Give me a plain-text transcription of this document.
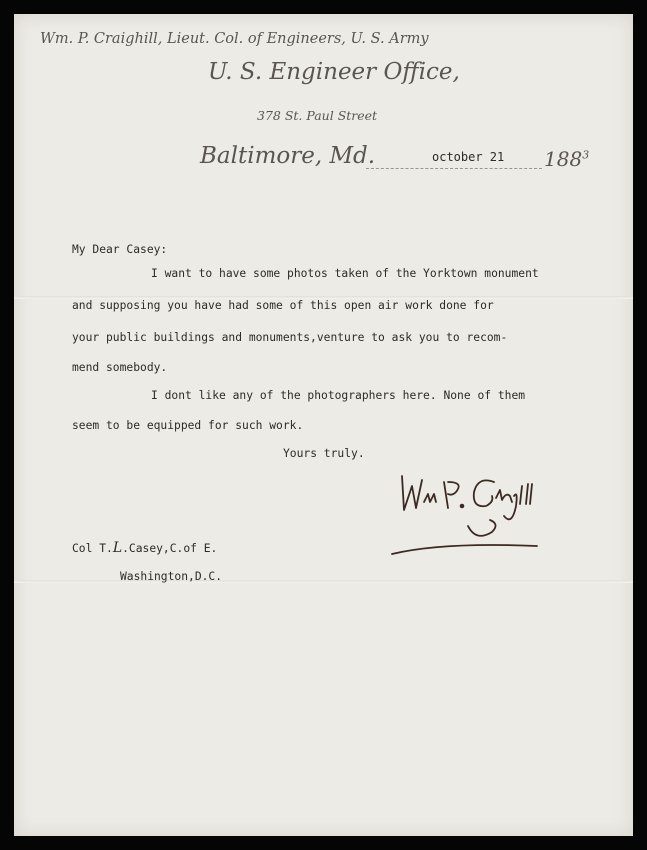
Wm. P. Craighill, Lieut. Col. of Engineers, U. S. Army
U. S. Engineer Office,
378 St. Paul Street
Baltimore, Md.	october 21 $188^3$
My Dear Casey:
I want to have some photos taken of the Yorktown monument
and supposing you have had some of this open air work done for
your public buildings and monuments,venture to ask you to recom-
mend somebody.
I dont like any of the photographers here. None of them
seem to be equipped for such work.
Yours truly.
Wm. P. Craighill
Col T.L.Casey,C.of E.
Washington,D.C.
